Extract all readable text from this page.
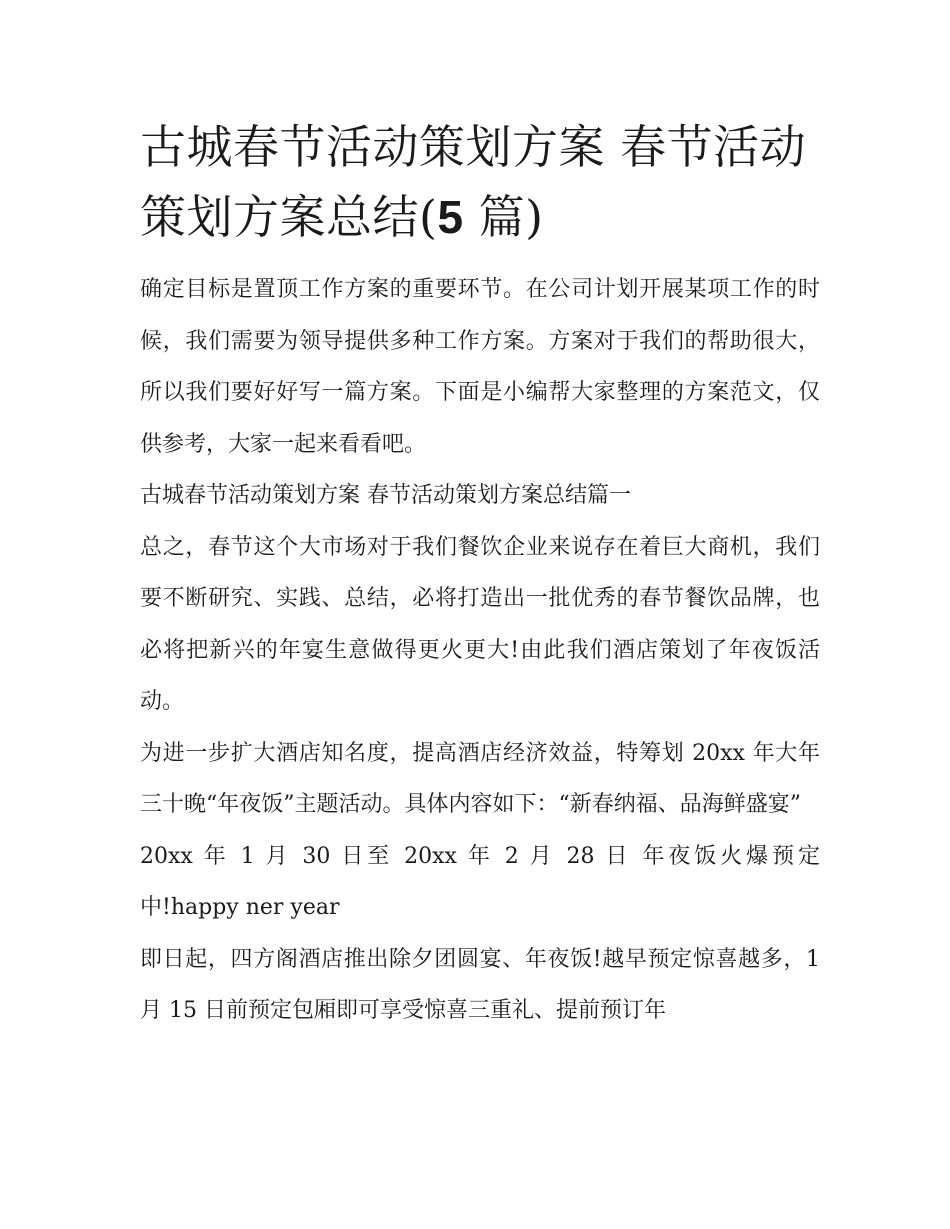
古城春节活动策划方案 春节活动策划方案总结(5 篇)

确定目标是置顶工作方案的重要环节。在公司计划开展某项工作的时候，我们需要为领导提供多种工作方案。方案对于我们的帮助很大，所以我们要好好写一篇方案。下面是小编帮大家整理的方案范文，仅供参考，大家一起来看看吧。

古城春节活动策划方案 春节活动策划方案总结篇一

总之，春节这个大市场对于我们餐饮企业来说存在着巨大商机，我们要不断研究、实践、总结，必将打造出一批优秀的春节餐饮品牌，也必将把新兴的年宴生意做得更火更大!由此我们酒店策划了年夜饭活动。

为进一步扩大酒店知名度，提高酒店经济效益，特筹划 20xx 年大年三十晚“年夜饭”主题活动。具体内容如下：“新春纳福、品海鲜盛宴”

20xx 年 1 月 30 日至 20xx 年 2 月 28 日 年夜饭火爆预定中!happy ner year

即日起，四方阁酒店推出除夕团圆宴、年夜饭!越早预定惊喜越多，1 月 15 日前预定包厢即可享受惊喜三重礼、提前预订年
